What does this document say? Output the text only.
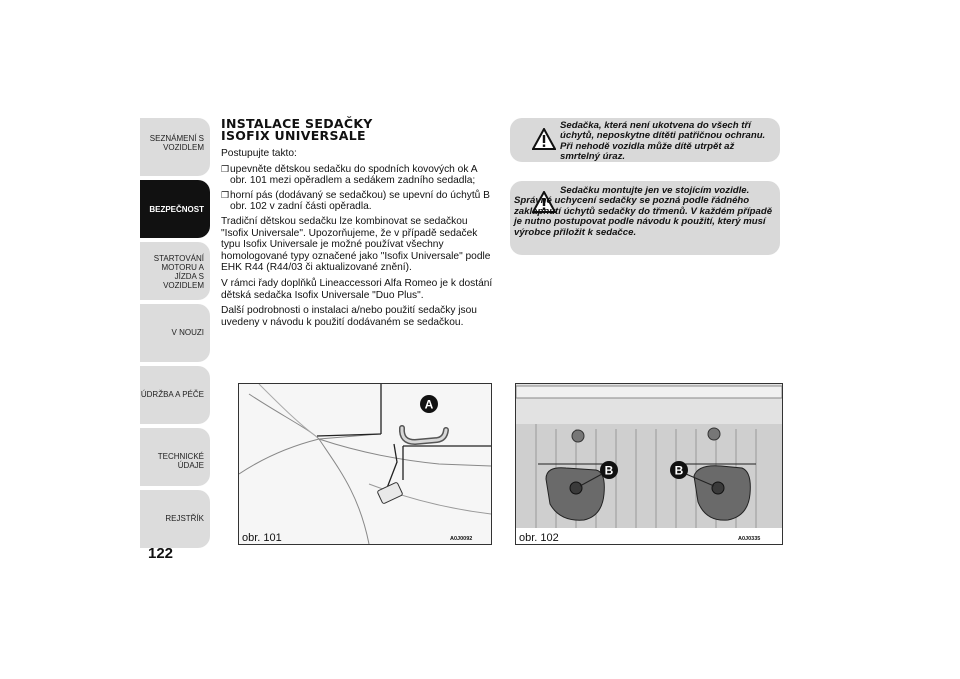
SEZNÁMENÍ S VOZIDLEM
BEZPEČNOST
STARTOVÁNÍ MOTORU A JÍZDA S VOZIDLEM
V NOUZI
ÚDRŽBA A PÉČE
TECHNICKÉ ÚDAJE
REJSTŘÍK
122
INSTALACE SEDAČKY
ISOFIX UNIVERSALE

Postupujte takto:

❒ upevněte dětskou sedačku do spodních kovových ok A obr. 101 mezi opěradlem a sedákem zadního sedadla;
❒ horní pás (dodávaný se sedačkou) se upevní do úchytů B obr. 102 v zadní části opěradla.

Tradiční dětskou sedačku lze kombinovat se sedačkou "Isofix Universale". Upozorňujeme, že v případě sedaček typu Isofix Universale je možné používat všechny homologované typy označené jako "Isofix Universale" podle EHK R44 (R44/03 či aktualizované znění).

V rámci řady doplňků Lineaccessori Alfa Romeo je k dostání dětská sedačka Isofix Universale "Duo Plus".

Další podrobnosti o instalaci a/nebo použití sedačky jsou uvedeny v návodu k použití dodávaném se sedačkou.

Sedačka, která není ukotvena do všech tří úchytů, neposkytne dítěti patřičnou ochranu. Při nehodě vozidla může dítě utrpět až smrtelný úraz.
Sedačku montujte jen ve stojícím vozidle. Správné uchycení sedačky se pozná podle řádného zaklapnutí úchytů sedačky do třmenů. V každém případě je nutno postupovat podle návodu k použití, který musí výrobce přiložit k sedačce.
A
obr. 101	A0J0092
B	B
obr. 102	A0J0335
